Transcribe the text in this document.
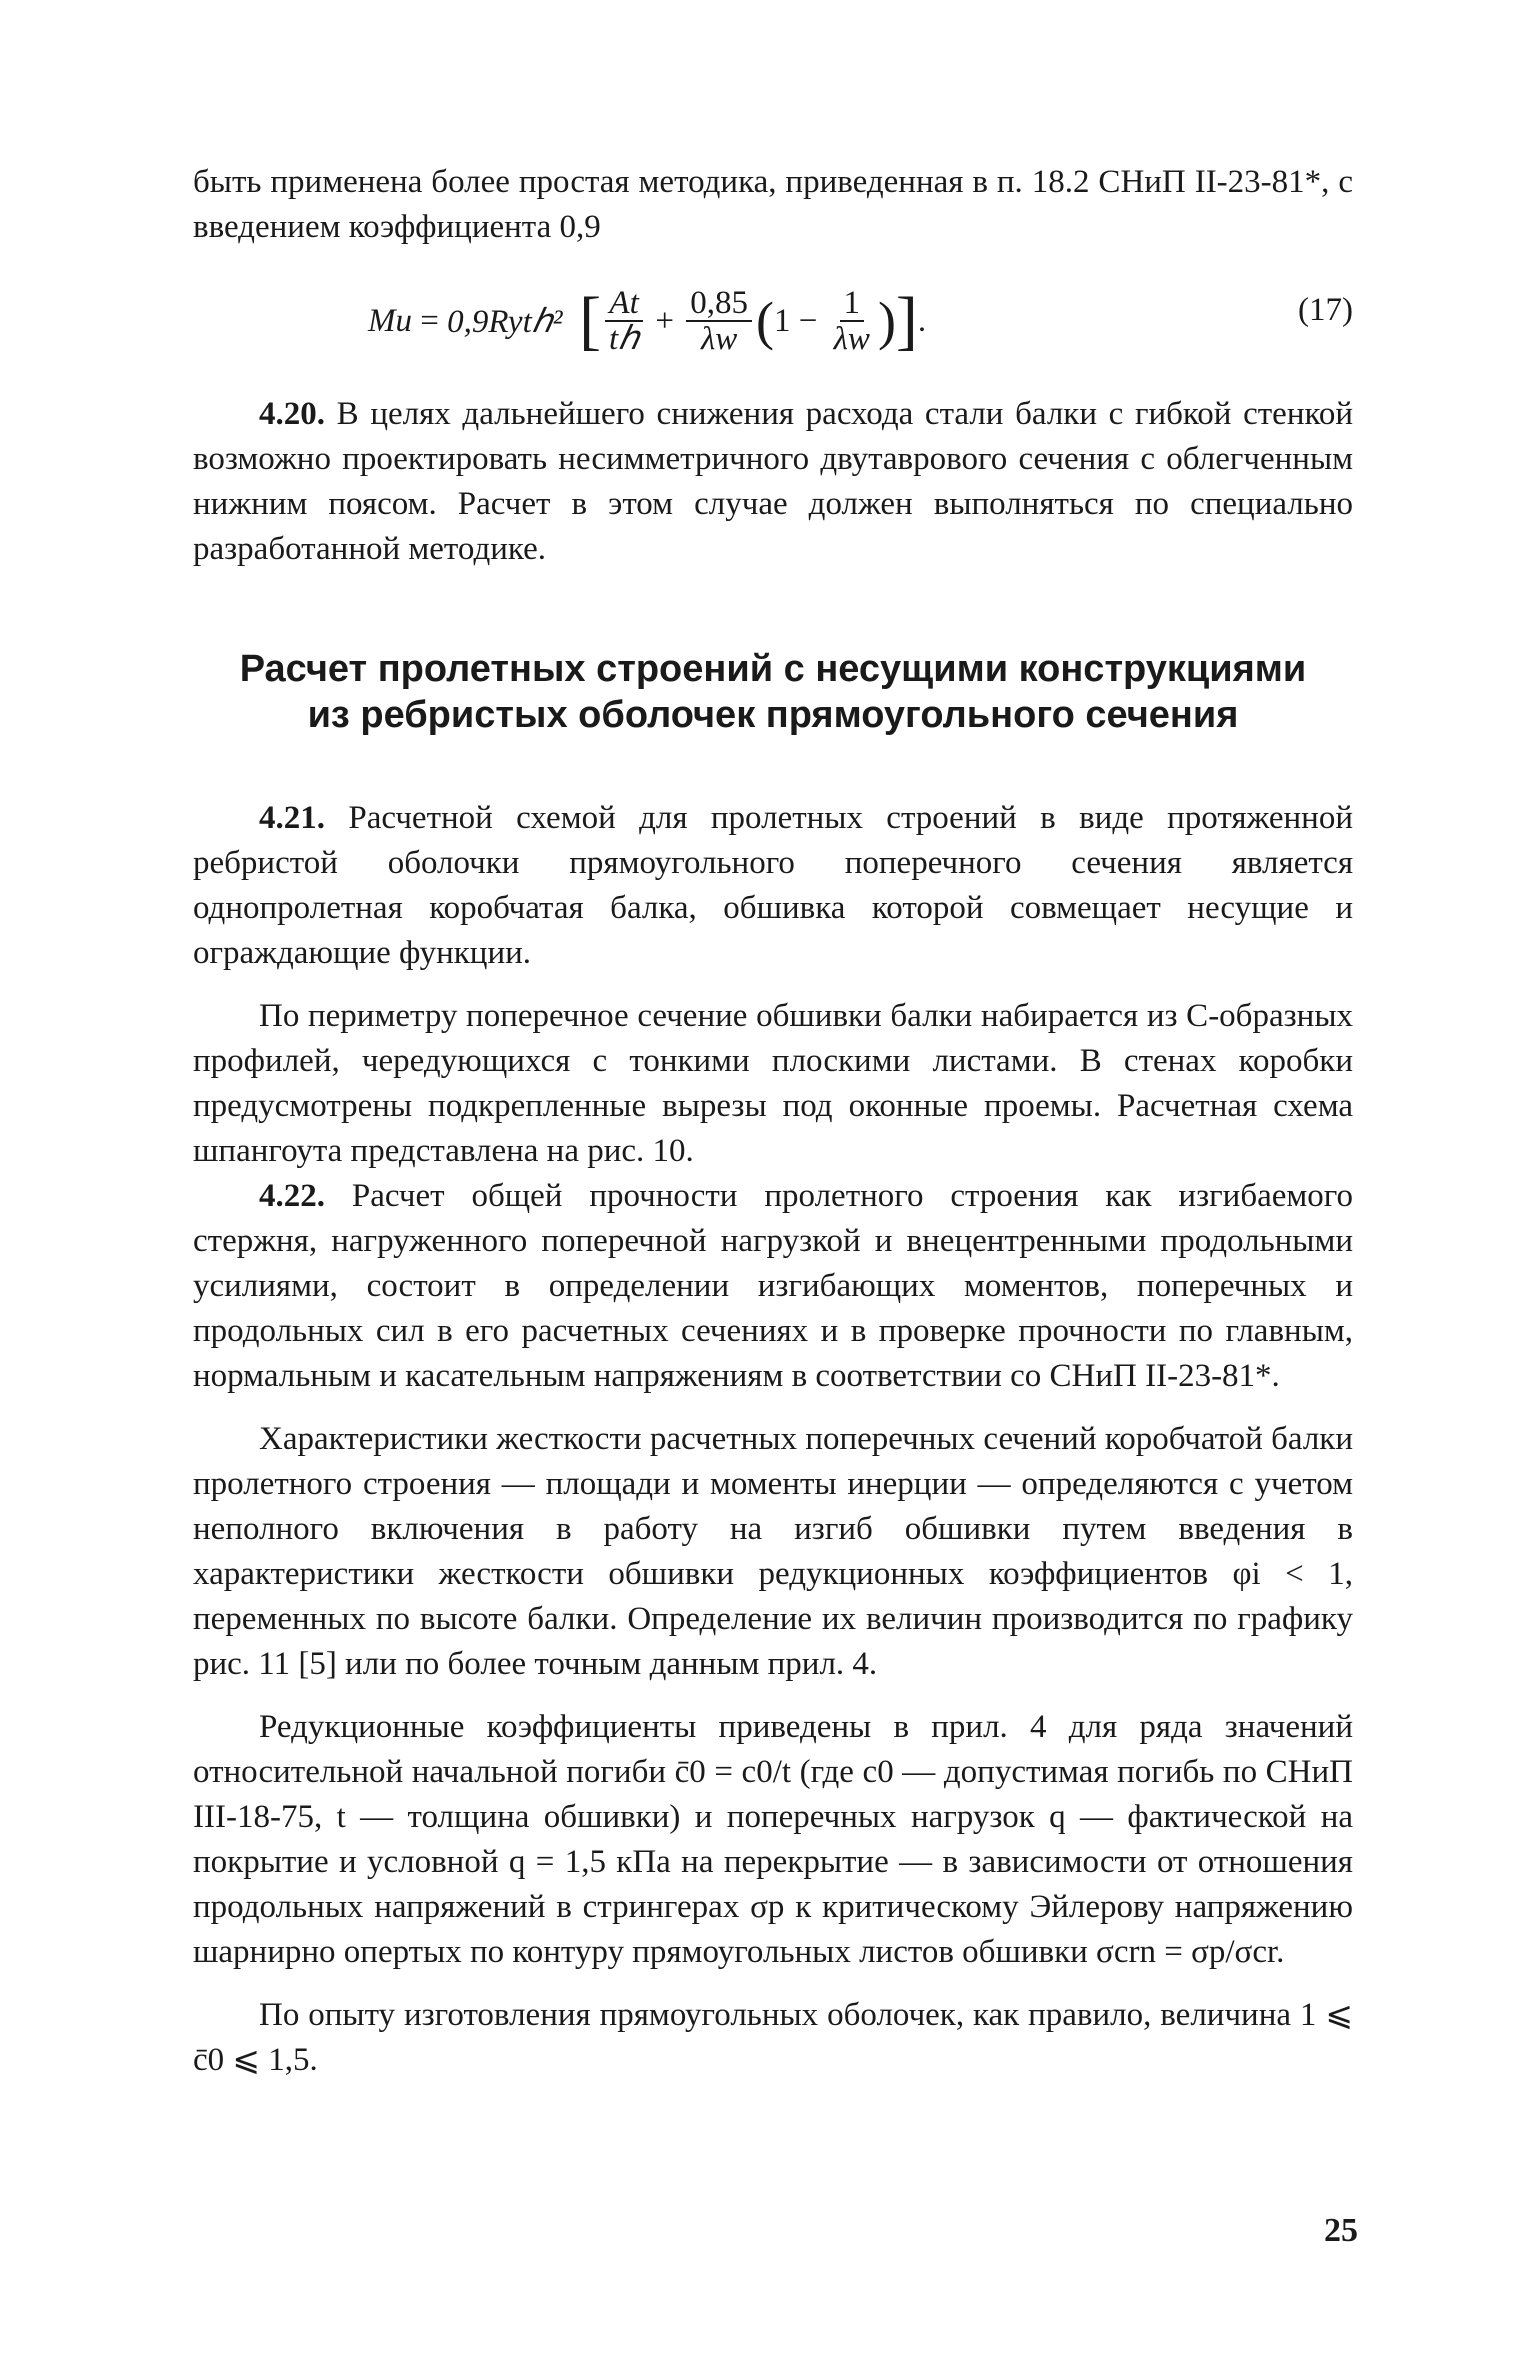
быть применена более простая методика, приведенная в п. 18.2 СНиП II-23-81*, с введением коэффициента 0,9

Mu = 0,9Rytℎ² [ $\frac{At}{\text{tℎ}} + \frac{0,85}{\lambda w}$ ( $1 - \frac{1}{\lambda w}$ ) ] .	(17)

4.20. В целях дальнейшего снижения расхода стали балки с гибкой стенкой возможно проектировать несимметричного двутаврового сечения с облегченным нижним поясом. Расчет в этом случае должен выполняться по специально разработанной методике.

Расчет пролетных строений с несущими конструкциями
из ребристых оболочек прямоугольного сечения

4.21. Расчетной схемой для пролетных строений в виде протяженной ребристой оболочки прямоугольного поперечного сечения является однопролетная коробчатая балка, обшивка которой совмещает несущие и ограждающие функции.

По периметру поперечное сечение обшивки балки набирается из С-образных профилей, чередующихся с тонкими плоскими листами. В стенах коробки предусмотрены подкрепленные вырезы под оконные проемы. Расчетная схема шпангоута представлена на рис. 10.

4.22. Расчет общей прочности пролетного строения как изгибаемого стержня, нагруженного поперечной нагрузкой и внецентренными продольными усилиями, состоит в определении изгибающих моментов, поперечных и продольных сил в его расчетных сечениях и в проверке прочности по главным, нормальным и касательным напряжениям в соответствии со СНиП II-23-81*.

Характеристики жесткости расчетных поперечных сечений коробчатой балки пролетного строения — площади и моменты инерции — определяются с учетом неполного включения в работу на изгиб обшивки путем введения в характеристики жесткости обшивки редукционных коэффициентов φi < 1, переменных по высоте балки. Определение их величин производится по графику рис. 11 [5] или по более точным данным прил. 4.

Редукционные коэффициенты приведены в прил. 4 для ряда значений относительной начальной погиби c̄0 = c0/t (где c0 — допустимая погибь по СНиП III-18-75, t — толщина обшивки) и поперечных нагрузок q — фактической на покрытие и условной q = 1,5 кПа на перекрытие — в зависимости от отношения продольных напряжений в стрингерах σp к критическому Эйлерову напряжению шарнирно опертых по контуру прямоугольных листов обшивки σcrn = σp/σcr.

По опыту изготовления прямоугольных оболочек, как правило, величина 1 ⩽ c̄0 ⩽ 1,5.

25
